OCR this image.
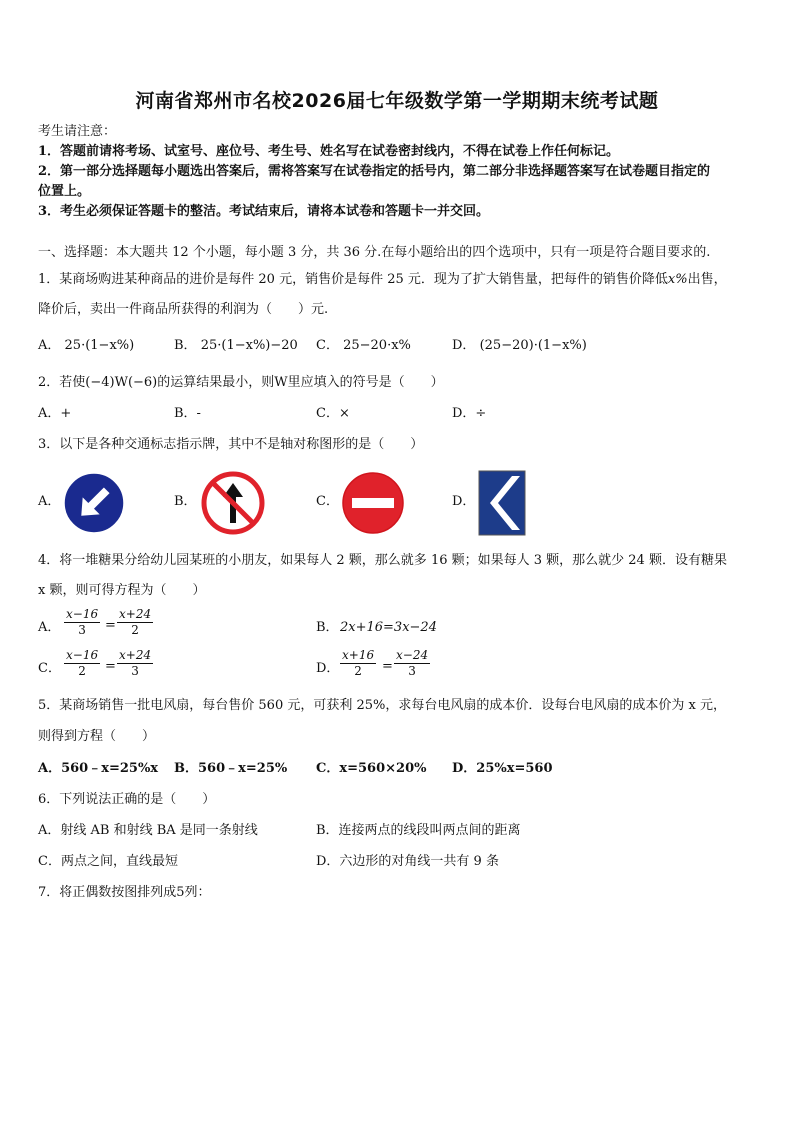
河南省郑州市名校2026届七年级数学第一学期期末统考试题
考生请注意：
1．答题前请将考场、试室号、座位号、考生号、姓名写在试卷密封线内，不得在试卷上作任何标记。
2．第一部分选择题每小题选出答案后，需将答案写在试卷指定的括号内，第二部分非选择题答案写在试卷题目指定的
位置上。
3．考生必须保证答题卡的整洁。考试结束后，请将本试卷和答题卡一并交回。
一、选择题：本大题共 12 个小题，每小题 3 分，共 36 分.在每小题给出的四个选项中，只有一项是符合题目要求的.
1．某商场购进某种商品的进价是每件 20 元，销售价是每件 25 元．现为了扩大销售量，把每件的销售价降低x%出售，
降价后，卖出一件商品所获得的利润为（　　）元.
A． 25·(1−x%)	B． 25·(1−x%)−20 C． 25−20·x%	D． (25−20)·(1−x%)
2．若使(−4)W(−6)的运算结果最小，则W里应填入的符号是（　　）
A．+	B．-	C．×	D．÷
3．以下是各种交通标志指示牌，其中不是轴对称图形的是（　　）
A．	B．	C．	D．
4．将一堆糖果分给幼儿园某班的小朋友，如果每人 2 颗，那么就多 16 颗；如果每人 3 颗，那么就少 24 颗．设有糖果
x 颗，则可得方程为（　　）
A．
x−16
3 =
x+24
2	B． 2x+16=3x−24
C．
x−16
2 =
x+24
3	D．
x+16
2 =
x−24
3
5．某商场销售一批电风扇，每台售价 560 元，可获利 25%，求每台电风扇的成本价．设每台电风扇的成本价为 x 元，
则得到方程（　　）
A．560﹣x=25%x B．560﹣x=25% C．x=560×20% D．25%x=560
6．下列说法正确的是（　　）
A．射线 AB 和射线 BA 是同一条射线	B．连接两点的线段叫两点间的距离
C．两点之间，直线最短	D．六边形的对角线一共有 9 条
7．将正偶数按图排列成5列：
